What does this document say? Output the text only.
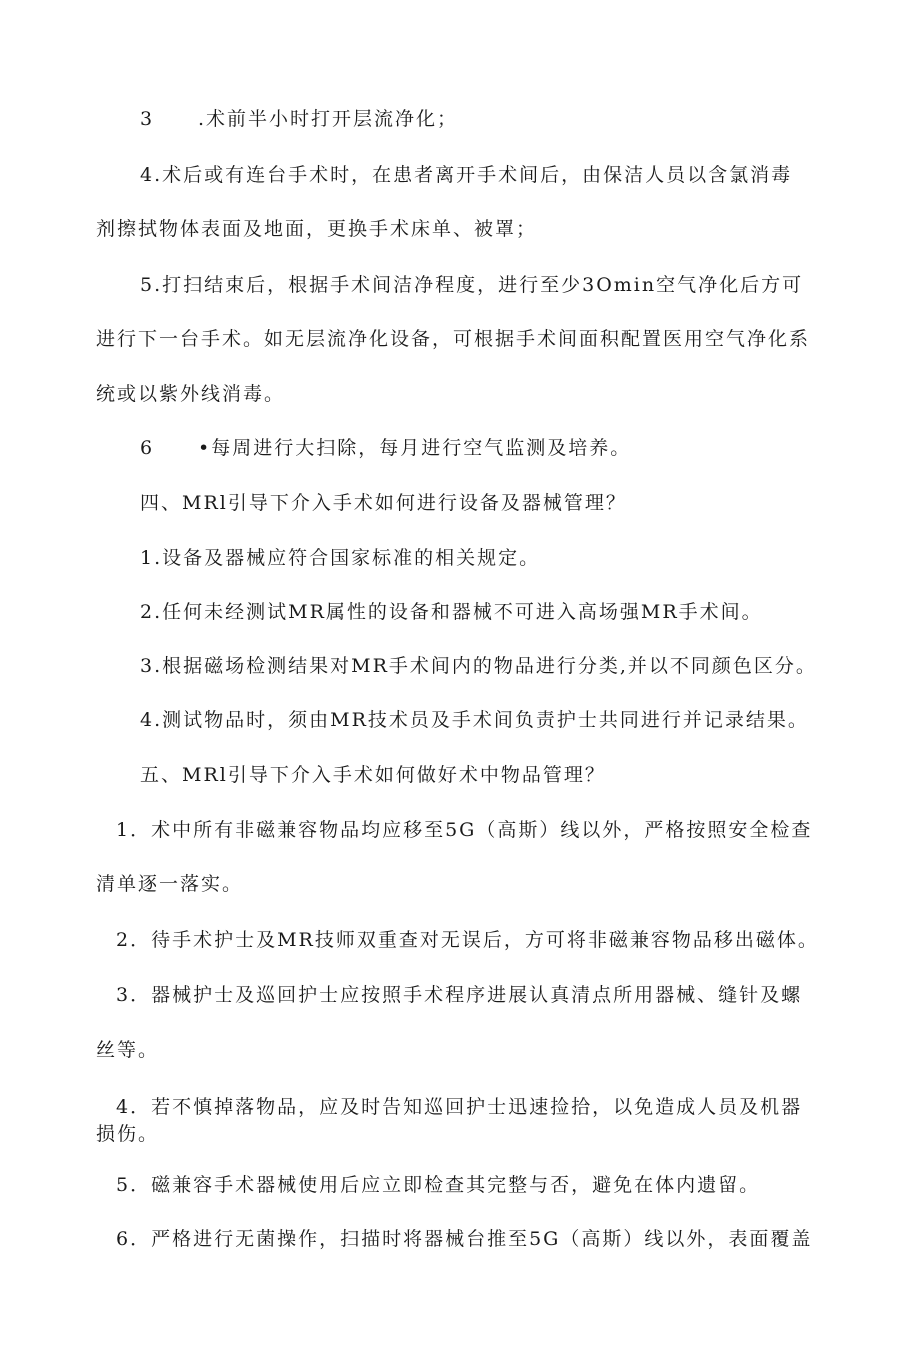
3 .术前半小时打开层流净化；
4.术后或有连台手术时，在患者离开手术间后，由保洁人员以含氯消毒
剂擦拭物体表面及地面，更换手术床单、被罩；
5.打扫结束后，根据手术间洁净程度，进行至少3Omin空气净化后方可
进行下一台手术。如无层流净化设备，可根据手术间面积配置医用空气净化系
统或以紫外线消毒。
6 •每周进行大扫除，每月进行空气监测及培养。
四、MRl引导下介入手术如何进行设备及器械管理？
1.设备及器械应符合国家标准的相关规定。
2.任何未经测试MR属性的设备和器械不可进入高场强MR手术间。
3.根据磁场检测结果对MR手术间内的物品进行分类,并以不同颜色区分。
4.测试物品时，须由MR技术员及手术间负责护士共同进行并记录结果。
五、MRl引导下介入手术如何做好术中物品管理？
1．术中所有非磁兼容物品均应移至5G（高斯）线以外，严格按照安全检查
清单逐一落实。
2．待手术护士及MR技师双重查对无误后，方可将非磁兼容物品移出磁体。
3．器械护士及巡回护士应按照手术程序进展认真清点所用器械、缝针及螺
丝等。
4．若不慎掉落物品，应及时告知巡回护士迅速捡拾，以免造成人员及机器
损伤。
5．磁兼容手术器械使用后应立即检查其完整与否，避免在体内遗留。
6．严格进行无菌操作，扫描时将器械台推至5G（高斯）线以外，表面覆盖
